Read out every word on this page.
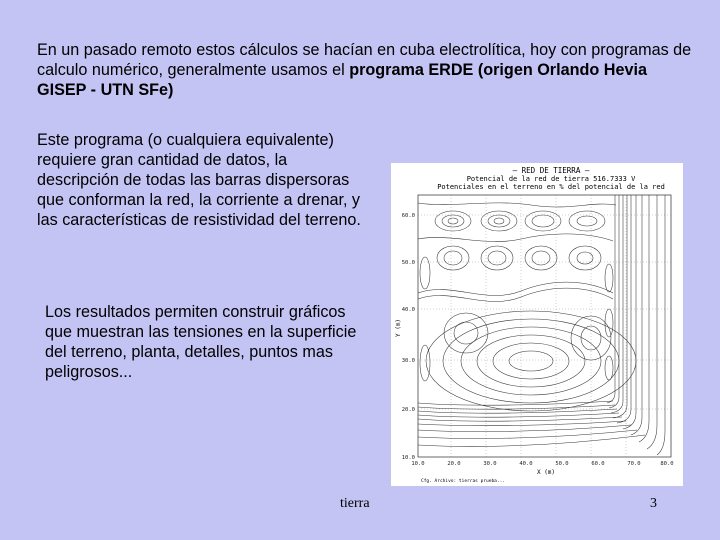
En un pasado remoto estos cálculos se hacían en cuba electrolítica, hoy con programas de calculo numérico, generalmente usamos el programa ERDE (origen Orlando Hevia GISEP - UTN SFe)

Este programa (o cualquiera equivalente) requiere gran cantidad de datos, la descripción de todas las barras dispersoras que conforman la red, la corriente a drenar, y las características de resistividad del terreno.

Los resultados permiten construir gráficos que muestran las tensiones en la superficie del terreno, planta, detalles, puntos mas peligrosos...

— RED DE TIERRA —
Potencial de la red de tierra 516.7333 V
Potenciales en el terreno en % del potencial de la red
60.0
50.0
40.0
30.0
20.0
10.0
Y (m)
10.0	20.0	30.0	40.0	50.0	60.0	70.0	80.0
X (m)
Cfg. Archivo: tierras prueba...
tierra	3
